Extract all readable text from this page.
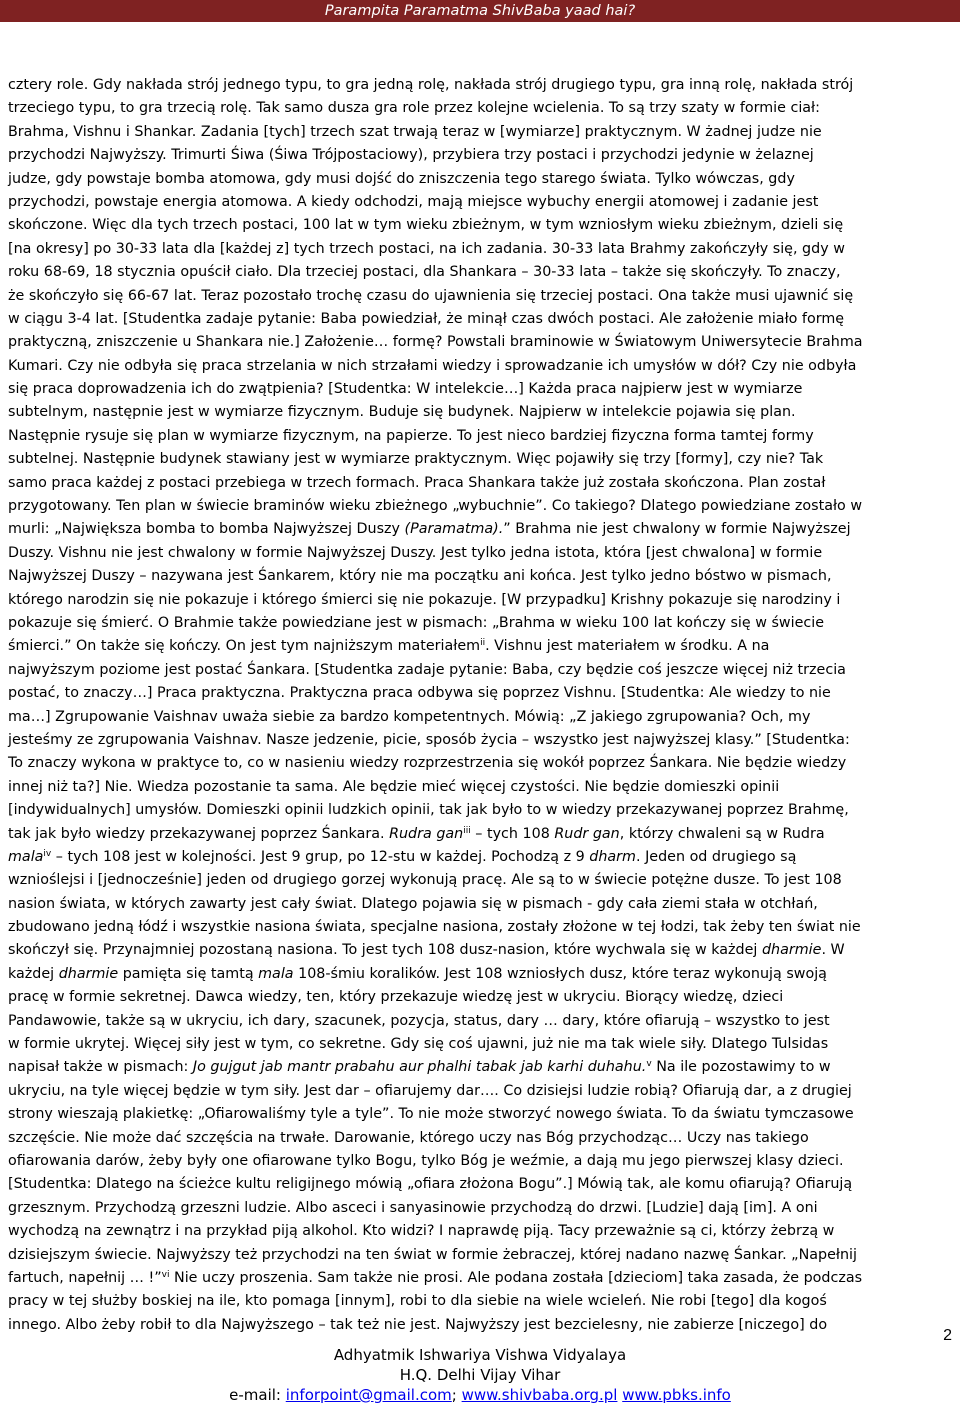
Parampita Paramatma ShivBaba yaad hai?
cztery role. Gdy nakłada strój jednego typu, to gra jedną rolę, nakłada strój drugiego typu, gra inną rolę, nakłada strój
trzeciego typu, to gra trzecią rolę. Tak samo dusza gra role przez kolejne wcielenia. To są trzy szaty w formie ciał:
Brahma, Vishnu i Shankar. Zadania [tych] trzech szat trwają teraz w [wymiarze] praktycznym. W żadnej judze nie
przychodzi Najwyższy. Trimurti Śiwa (Śiwa Trójpostaciowy), przybiera trzy postaci i przychodzi jedynie w żelaznej
judze, gdy powstaje bomba atomowa, gdy musi dojść do zniszczenia tego starego świata. Tylko wówczas, gdy
przychodzi, powstaje energia atomowa. A kiedy odchodzi, mają miejsce wybuchy energii atomowej i zadanie jest
skończone. Więc dla tych trzech postaci, 100 lat w tym wieku zbieżnym, w tym wzniosłym wieku zbieżnym, dzieli się
[na okresy] po 30-33 lata dla [każdej z] tych trzech postaci, na ich zadania. 30-33 lata Brahmy zakończyły się, gdy w
roku 68-69, 18 stycznia opuścił ciało. Dla trzeciej postaci, dla Shankara – 30-33 lata – także się skończyły. To znaczy,
że skończyło się 66-67 lat. Teraz pozostało trochę czasu do ujawnienia się trzeciej postaci. Ona także musi ujawnić się
w ciągu 3-4 lat. [Studentka zadaje pytanie: Baba powiedział, że minął czas dwóch postaci. Ale założenie miało formę
praktyczną, zniszczenie u Shankara nie.] Założenie… formę? Powstali braminowie w Światowym Uniwersytecie Brahma
Kumari. Czy nie odbyła się praca strzelania w nich strzałami wiedzy i sprowadzanie ich umysłów w dół? Czy nie odbyła
się praca doprowadzenia ich do zwątpienia? [Studentka: W intelekcie…] Każda praca najpierw jest w wymiarze
subtelnym, następnie jest w wymiarze fizycznym. Buduje się budynek. Najpierw w intelekcie pojawia się plan.
Następnie rysuje się plan w wymiarze fizycznym, na papierze. To jest nieco bardziej fizyczna forma tamtej formy
subtelnej. Następnie budynek stawiany jest w wymiarze praktycznym. Więc pojawiły się trzy [formy], czy nie? Tak
samo praca każdej z postaci przebiega w trzech formach. Praca Shankara także już została skończona. Plan został
przygotowany. Ten plan w świecie braminów wieku zbieżnego „wybuchnie”. Co takiego? Dlatego powiedziane zostało w
murli: „Największa bomba to bomba Najwyższej Duszy (Paramatma).” Brahma nie jest chwalony w formie Najwyższej
Duszy. Vishnu nie jest chwalony w formie Najwyższej Duszy. Jest tylko jedna istota, która [jest chwalona] w formie
Najwyższej Duszy – nazywana jest Śankarem, który nie ma początku ani końca. Jest tylko jedno bóstwo w pismach,
którego narodzin się nie pokazuje i którego śmierci się nie pokazuje. [W przypadku] Krishny pokazuje się narodziny i
pokazuje się śmierć. O Brahmie także powiedziane jest w pismach: „Brahma w wieku 100 lat kończy się w świecie
śmierci.” On także się kończy. On jest tym najniższym materiałem$^{ii}$. Vishnu jest materiałem w środku. A na
najwyższym poziome jest postać Śankara. [Studentka zadaje pytanie: Baba, czy będzie coś jeszcze więcej niż trzecia
postać, to znaczy…] Praca praktyczna. Praktyczna praca odbywa się poprzez Vishnu. [Studentka: Ale wiedzy to nie
ma…] Zgrupowanie Vaishnav uważa siebie za bardzo kompetentnych. Mówią: „Z jakiego zgrupowania? Och, my
jesteśmy ze zgrupowania Vaishnav. Nasze jedzenie, picie, sposób życia – wszystko jest najwyższej klasy.” [Studentka:
To znaczy wykona w praktyce to, co w nasieniu wiedzy rozprzestrzenia się wokół poprzez Śankara. Nie będzie wiedzy
innej niż ta?] Nie. Wiedza pozostanie ta sama. Ale będzie mieć więcej czystości. Nie będzie domieszki opinii
[indywidualnych] umysłów. Domieszki opinii ludzkich opinii, tak jak było to w wiedzy przekazywanej poprzez Brahmę,
tak jak było wiedzy przekazywanej poprzez Śankara. Rudra gan$^{iii}$ – tych 108 Rudr gan, którzy chwaleni są w Rudra
mala$^{iv}$ – tych 108 jest w kolejności. Jest 9 grup, po 12-stu w każdej. Pochodzą z 9 dharm. Jeden od drugiego są
wznioślejsi i [jednocześnie] jeden od drugiego gorzej wykonują pracę. Ale są to w świecie potężne dusze. To jest 108
nasion świata, w których zawarty jest cały świat. Dlatego pojawia się w pismach - gdy cała ziemi stała w otchłań,
zbudowano jedną łódź i wszystkie nasiona świata, specjalne nasiona, zostały złożone w tej łodzi, tak żeby ten świat nie
skończył się. Przynajmniej pozostaną nasiona. To jest tych 108 dusz-nasion, które wychwala się w każdej dharmie. W
każdej dharmie pamięta się tamtą mala 108-śmiu koralików. Jest 108 wzniosłych dusz, które teraz wykonują swoją
pracę w formie sekretnej. Dawca wiedzy, ten, który przekazuje wiedzę jest w ukryciu. Biorący wiedzę, dzieci
Pandawowie, także są w ukryciu, ich dary, szacunek, pozycja, status, dary … dary, które ofiarują – wszystko to jest
w formie ukrytej. Więcej siły jest w tym, co sekretne. Gdy się coś ujawni, już nie ma tak wiele siły. Dlatego Tulsidas
napisał także w pismach: Jo gujgut jab mantr prabahu aur phalhi tabak jab karhi duhahu.$^v$ Na ile pozostawimy to w
ukryciu, na tyle więcej będzie w tym siły. Jest dar – ofiarujemy dar…. Co dzisiejsi ludzie robią? Ofiarują dar, a z drugiej
strony wieszają plakietkę: „Ofiarowaliśmy tyle a tyle”. To nie może stworzyć nowego świata. To da światu tymczasowe
szczęście. Nie może dać szczęścia na trwałe. Darowanie, którego uczy nas Bóg przychodząc… Uczy nas takiego
ofiarowania darów, żeby były one ofiarowane tylko Bogu, tylko Bóg je weźmie, a dają mu jego pierwszej klasy dzieci.
[Studentka: Dlatego na ścieżce kultu religijnego mówią „ofiara złożona Bogu”.] Mówią tak, ale komu ofiarują? Ofiarują
grzesznym. Przychodzą grzeszni ludzie. Albo asceci i sanyasinowie przychodzą do drzwi. [Ludzie] dają [im]. A oni
wychodzą na zewnątrz i na przykład piją alkohol. Kto widzi? I naprawdę piją. Tacy przeważnie są ci, którzy żebrzą w
dzisiejszym świecie. Najwyższy też przychodzi na ten świat w formie żebraczej, której nadano nazwę Śankar. „Napełnij
fartuch, napełnij … !”$^{vi}$ Nie uczy proszenia. Sam także nie prosi. Ale podana została [dzieciom] taka zasada, że podczas
pracy w tej służby boskiej na ile, kto pomaga [innym], robi to dla siebie na wiele wcieleń. Nie robi [tego] dla kogoś
innego. Albo żeby robił to dla Najwyższego – tak też nie jest. Najwyższy jest bezcielesny, nie zabierze [niczego] do
2
Adhyatmik Ishwariya Vishwa Vidyalaya
H.Q. Delhi Vijay Vihar
e-mail: inforpoint@gmail.com; www.shivbaba.org.pl www.pbks.info
